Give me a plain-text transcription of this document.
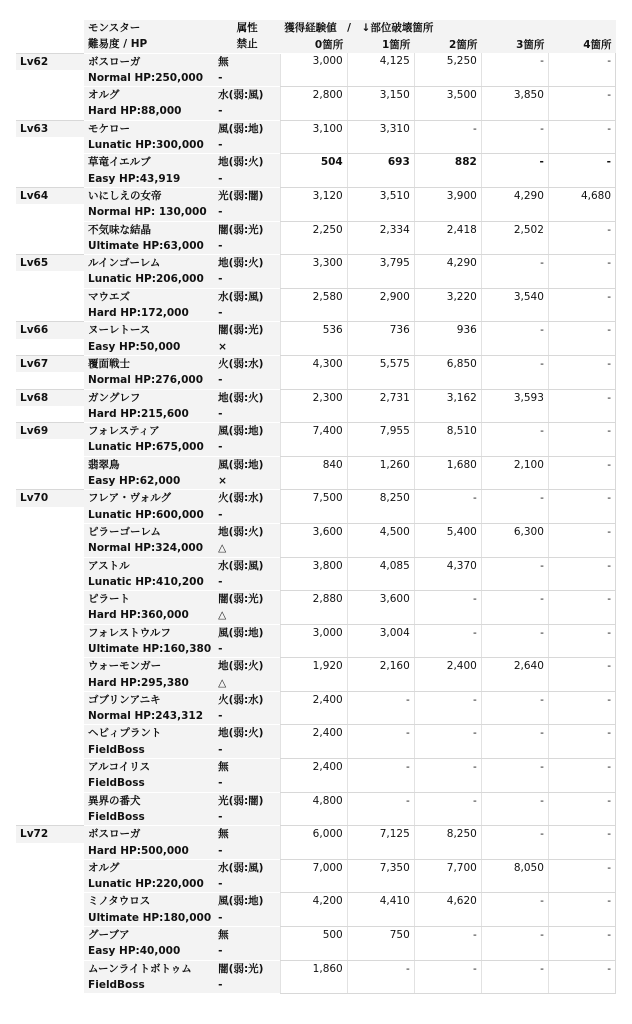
	モンスター	属性	獲得経験値　/　↓部位破壊箇所				
	難易度 / HP	禁止	0箇所	1箇所	2箇所	3箇所	4箇所
Lv62	ボスローガ	無	3,000	4,125	5,250	-	-
	Normal HP:250,000	-					
	オルグ	水(弱:風)	2,800	3,150	3,500	3,850	-
	Hard HP:88,000	-					
Lv63	モケロー	風(弱:地)	3,100	3,310	-	-	-
	Lunatic HP:300,000	-					
	草竜イエルブ	地(弱:火)	504	693	882	-	-
	Easy HP:43,919	-					
Lv64	いにしえの女帝	光(弱:闇)	3,120	3,510	3,900	4,290	4,680
	Normal HP: 130,000	-					
	不気味な結晶	闇(弱:光)	2,250	2,334	2,418	2,502	-
	Ultimate HP:63,000	-					
Lv65	ルインゴーレム	地(弱:火)	3,300	3,795	4,290	-	-
	Lunatic HP:206,000	-					
	マウエズ	水(弱:風)	2,580	2,900	3,220	3,540	-
	Hard HP:172,000	-					
Lv66	ヌーレトース	闇(弱:光)	536	736	936	-	-
	Easy HP:50,000	×					
Lv67	覆面戦士	火(弱:水)	4,300	5,575	6,850	-	-
	Normal HP:276,000	-					
Lv68	ガングレフ	地(弱:火)	2,300	2,731	3,162	3,593	-
	Hard HP:215,600	-					
Lv69	フォレスティア	風(弱:地)	7,400	7,955	8,510	-	-
	Lunatic HP:675,000	-					
	翡翠鳥	風(弱:地)	840	1,260	1,680	2,100	-
	Easy HP:62,000	×					
Lv70	フレア・ヴォルグ	火(弱:水)	7,500	8,250	-	-	-
	Lunatic HP:600,000	-					
	ピラーゴーレム	地(弱:火)	3,600	4,500	5,400	6,300	-
	Normal HP:324,000	△					
	アストル	水(弱:風)	3,800	4,085	4,370	-	-
	Lunatic HP:410,200	-					
	ピラート	闇(弱:光)	2,880	3,600	-	-	-
	Hard HP:360,000	△					
	フォレストウルフ	風(弱:地)	3,000	3,004	-	-	-
	Ultimate HP:160,380	-					
	ウォーモンガー	地(弱:火)	1,920	2,160	2,400	2,640	-
	Hard HP:295,380	△					
	ゴブリンアニキ	火(弱:水)	2,400	-	-	-	-
	Normal HP:243,312	-					
	ヘビィプラント	地(弱:火)	2,400	-	-	-	-
	FieldBoss	-					
	アルコイリス	無	2,400	-	-	-	-
	FieldBoss	-					
	異界の番犬	光(弱:闇)	4,800	-	-	-	-
	FieldBoss	-					
Lv72	ボスローガ	無	6,000	7,125	8,250	-	-
	Hard HP:500,000	-					
	オルグ	水(弱:風)	7,000	7,350	7,700	8,050	-
	Lunatic HP:220,000	-					
	ミノタウロス	風(弱:地)	4,200	4,410	4,620	-	-
	Ultimate HP:180,000	-					
	グーブア	無	500	750	-	-	-
	Easy HP:40,000	-					
	ムーンライトボトゥム	闇(弱:光)	1,860	-	-	-	-
	FieldBoss	-					
